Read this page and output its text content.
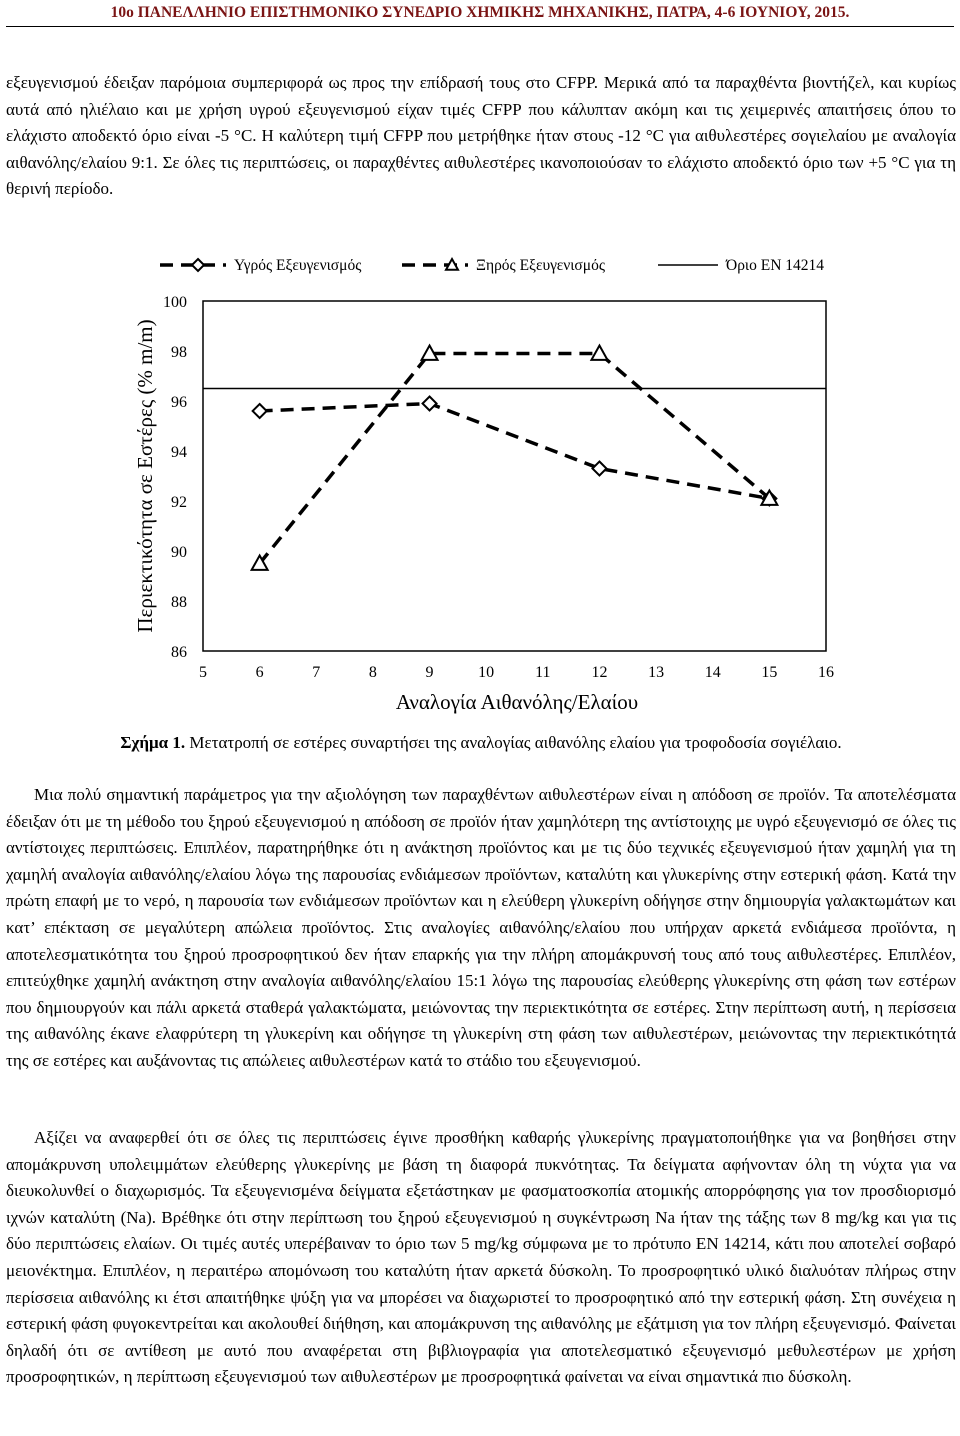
10ο ΠΑΝΕΛΛΗΝΙΟ ΕΠΙΣΤΗΜΟΝΙΚΟ ΣΥΝΕΔΡΙΟ ΧΗΜΙΚΗΣ ΜΗΧΑΝΙΚΗΣ, ΠΑΤΡΑ, 4-6 ΙΟΥΝΙΟΥ, 2015.

εξευγενισμού έδειξαν παρόμοια συμπεριφορά ως προς την επίδρασή τους στο CFPP. Μερικά από τα παραχθέντα βιοντήζελ, και κυρίως αυτά από ηλιέλαιο και με χρήση υγρού εξευγενισμού είχαν τιμές CFPP που κάλυπταν ακόμη και τις χειμερινές απαιτήσεις όπου το ελάχιστο αποδεκτό όριο είναι -5 °C. Η καλύτερη τιμή CFPP που μετρήθηκε ήταν στους -12 °C για αιθυλεστέρες σογιελαίου με αναλογία αιθανόλης/ελαίου 9:1. Σε όλες τις περιπτώσεις, οι παραχθέντες αιθυλεστέρες ικανοποιούσαν το ελάχιστο αποδεκτό όριο των +5 °C για τη θερινή περίοδο.

Υγρός Εξευγενισμός	Ξηρός Εξευγενισμός	Όριο EN 14214
86
88
90
92
94
96
98
100
5	6	7	8	9	10	11	12	13	14	15	16
Περιεκτικότητα σε Εστέρες (% m/m)
Αναλογία Αιθανόλης/Ελαίου
Σχήμα 1. Μετατροπή σε εστέρες συναρτήσει της αναλογίας αιθανόλης ελαίου για τροφοδοσία σογιέλαιο.

Μια πολύ σημαντική παράμετρος για την αξιολόγηση των παραχθέντων αιθυλεστέρων είναι η απόδοση σε προϊόν. Τα αποτελέσματα έδειξαν ότι με τη μέθοδο του ξηρού εξευγενισμού η απόδοση σε προϊόν ήταν χαμηλότερη της αντίστοιχης με υγρό εξευγενισμό σε όλες τις αντίστοιχες περιπτώσεις. Επιπλέον, παρατηρήθηκε ότι η ανάκτηση προϊόντος και με τις δύο τεχνικές εξευγενισμού ήταν χαμηλή για τη χαμηλή αναλογία αιθανόλης/ελαίου λόγω της παρουσίας ενδιάμεσων προϊόντων, καταλύτη και γλυκερίνης στην εστερική φάση. Κατά την πρώτη επαφή με το νερό, η παρουσία των ενδιάμεσων προϊόντων και η ελεύθερη γλυκερίνη οδήγησε στην δημιουργία γαλακτωμάτων και κατ’ επέκταση σε μεγαλύτερη απώλεια προϊόντος. Στις αναλογίες αιθανόλης/ελαίου που υπήρχαν αρκετά ενδιάμεσα προϊόντα, η αποτελεσματικότητα του ξηρού προσροφητικού δεν ήταν επαρκής για την πλήρη απομάκρυνσή τους από τους αιθυλεστέρες. Επιπλέον, επιτεύχθηκε χαμηλή ανάκτηση στην αναλογία αιθανόλης/ελαίου 15:1 λόγω της παρουσίας ελεύθερης γλυκερίνης στη φάση των εστέρων που δημιουργούν και πάλι αρκετά σταθερά γαλακτώματα, μειώνοντας την περιεκτικότητα σε εστέρες. Στην περίπτωση αυτή, η περίσσεια της αιθανόλης έκανε ελαφρύτερη τη γλυκερίνη και οδήγησε τη γλυκερίνη στη φάση των αιθυλεστέρων, μειώνοντας την περιεκτικότητά της σε εστέρες και αυξάνοντας τις απώλειες αιθυλεστέρων κατά το στάδιο του εξευγενισμού.

Αξίζει να αναφερθεί ότι σε όλες τις περιπτώσεις έγινε προσθήκη καθαρής γλυκερίνης πραγματοποιήθηκε για να βοηθήσει στην απομάκρυνση υπολειμμάτων ελεύθερης γλυκερίνης με βάση τη διαφορά πυκνότητας. Τα δείγματα αφήνονταν όλη τη νύχτα για να διευκολυνθεί ο διαχωρισμός. Τα εξευγενισμένα δείγματα εξετάστηκαν με φασματοσκοπία ατομικής απορρόφησης για τον προσδιορισμό ιχνών καταλύτη (Na). Βρέθηκε ότι στην περίπτωση του ξηρού εξευγενισμού η συγκέντρωση Na ήταν της τάξης των 8 mg/kg και για τις δύο περιπτώσεις ελαίων. Οι τιμές αυτές υπερέβαιναν το όριο των 5 mg/kg σύμφωνα με το πρότυπο EN 14214, κάτι που αποτελεί σοβαρό μειονέκτημα. Επιπλέον, η περαιτέρω απομόνωση του καταλύτη ήταν αρκετά δύσκολη. Το προσροφητικό υλικό διαλυόταν πλήρως στην περίσσεια αιθανόλης κι έτσι απαιτήθηκε ψύξη για να μπορέσει να διαχωριστεί το προσροφητικό από την εστερική φάση. Στη συνέχεια η εστερική φάση φυγοκεντρείται και ακολουθεί διήθηση, και απομάκρυνση της αιθανόλης με εξάτμιση για τον πλήρη εξευγενισμό. Φαίνεται δηλαδή ότι σε αντίθεση με αυτό που αναφέρεται στη βιβλιογραφία για αποτελεσματικό εξευγενισμό μεθυλεστέρων με χρήση προσροφητικών, η περίπτωση εξευγενισμού των αιθυλεστέρων με προσροφητικά φαίνεται να είναι σημαντικά πιο δύσκολη.
